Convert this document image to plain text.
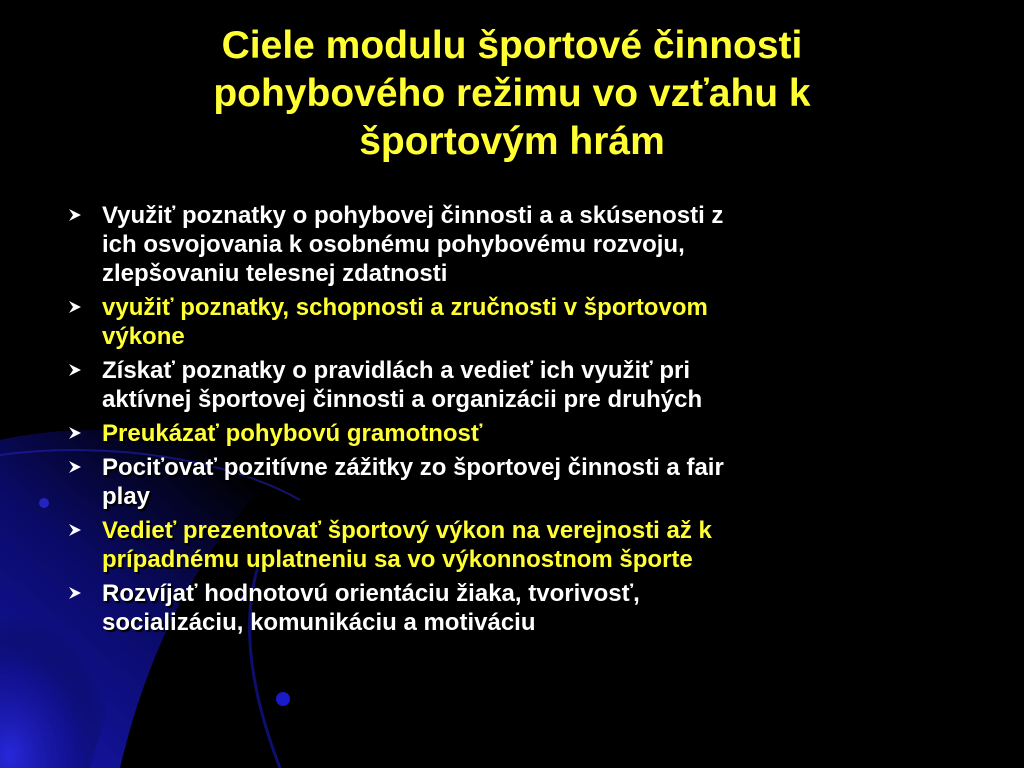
Ciele modulu športové činnosti
pohybového režimu vo vzťahu k
športovým hrám
Využiť poznatky o pohybovej činnosti a a skúsenosti z
ich osvojovania k osobnému pohybovému rozvoju,
zlepšovaniu telesnej zdatnosti
využiť poznatky, schopnosti a zručnosti v športovom
výkone
Získať poznatky o pravidlách a vedieť ich využiť pri
aktívnej športovej činnosti a organizácii pre druhých
Preukázať pohybovú gramotnosť
Pociťovať pozitívne zážitky zo športovej činnosti a fair
play
Vedieť prezentovať športový výkon na verejnosti až k
prípadnému uplatneniu sa vo výkonnostnom športe
Rozvíjať hodnotovú orientáciu žiaka, tvorivosť,
socializáciu, komunikáciu a motiváciu
